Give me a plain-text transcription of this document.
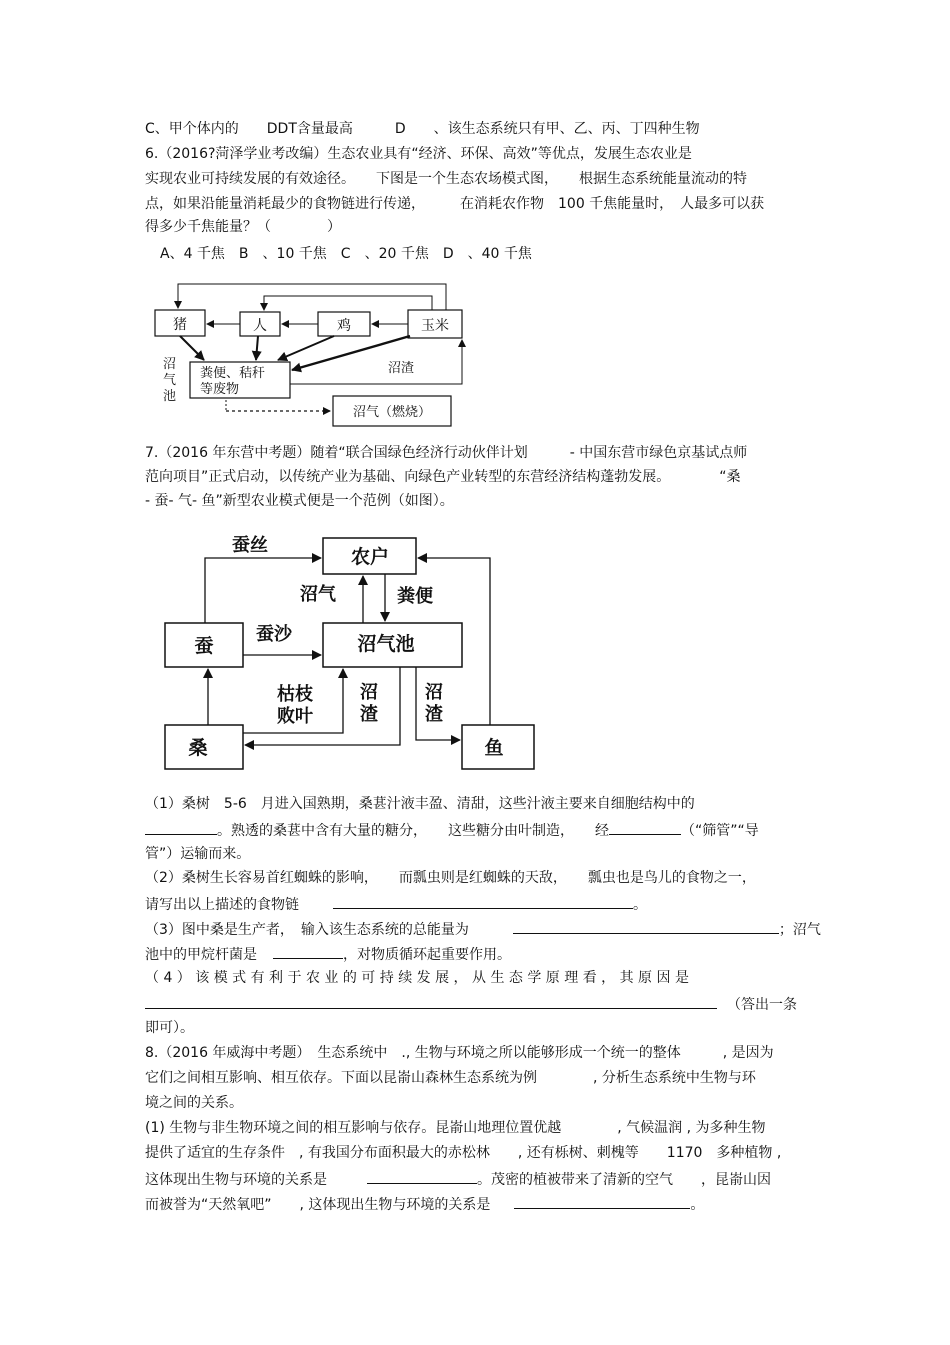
C、甲个体内的　　DDT含量最高　　　D　　、该生态系统只有甲、乙、丙、丁四种生物
6.（2016?菏泽学业考改编）生态农业具有“经济、环保、高效”等优点，发展生态农业是
实现农业可持续发展的有效途径。　　下图是一个生态农场模式图，　　根据生态系统能量流动的特
点，如果沿能量消耗最少的食物链进行传递，　　　在消耗农作物　100 千焦能量时，　人最多可以获
得多少千焦能量？（　　　　）
A、4 千焦　B　、10 千焦　C　、20 千焦　D　、40 千焦
猪	人	鸡	玉米
粪便、秸秆
等废物
沼气（燃烧）
沼渣
沼
气
池
7.（2016 年东营中考题）随着“联合国绿色经济行动伙伴计划　　　- 中国东营市绿色京基试点师
范向项目”正式启动，以传统产业为基础、向绿色产业转型的东营经济结构蓬勃发展。　　　　“桑
- 蚕- 气- 鱼”新型农业模式便是一个范例（如图）。
农户
蚕	沼气池
桑	鱼
蚕丝
沼气	粪便
蚕沙
枯枝
败叶
沼
渣
沼
渣
（1）桑树　5-6　月进入国熟期，桑葚汁液丰盈、清甜，这些汁液主要来自细胞结构中的
。熟透的桑葚中含有大量的糖分，　　这些糖分由叶制造，　　经	（“筛管”“导
管”）运输而来。
（2）桑树生长容易首红蜘蛛的影响，　　而瓢虫则是红蜘蛛的天敌，　　瓢虫也是鸟儿的食物之一，
请写出以上描述的食物链	。
（3）图中桑是生产者，　输入该生态系统的总能量为	；沼气
池中的甲烷杆菌是	，对物质循环起重要作用。
（ 4 ） 该 模 式 有 利 于 农 业 的 可 持 续 发 展 ， 从 生 态 学 原 理 看 ， 其 原 因 是
（答出一条
即可）。
8.（2016 年威海中考题）　生态系统中　., 生物与环境之所以能够形成一个统一的整体　　　, 是因为
它们之间相互影响、相互依存。下面以昆嵛山森林生态系统为例　　　　, 分析生态系统中生物与环
境之间的关系。
(1) 生物与非生物环境之间的相互影响与依存。昆嵛山地理位置优越　　　　, 气候温润 , 为多种生物
提供了适宜的生存条件　, 有我国分布面积最大的赤松林　　, 还有栎树、刺槐等　　1170　多种植物 ,
这体现出生物与环境的关系是	。茂密的植被带来了清新的空气　　，昆嵛山因
而被誉为“天然氧吧”　　, 这体现出生物与环境的关系是	。
